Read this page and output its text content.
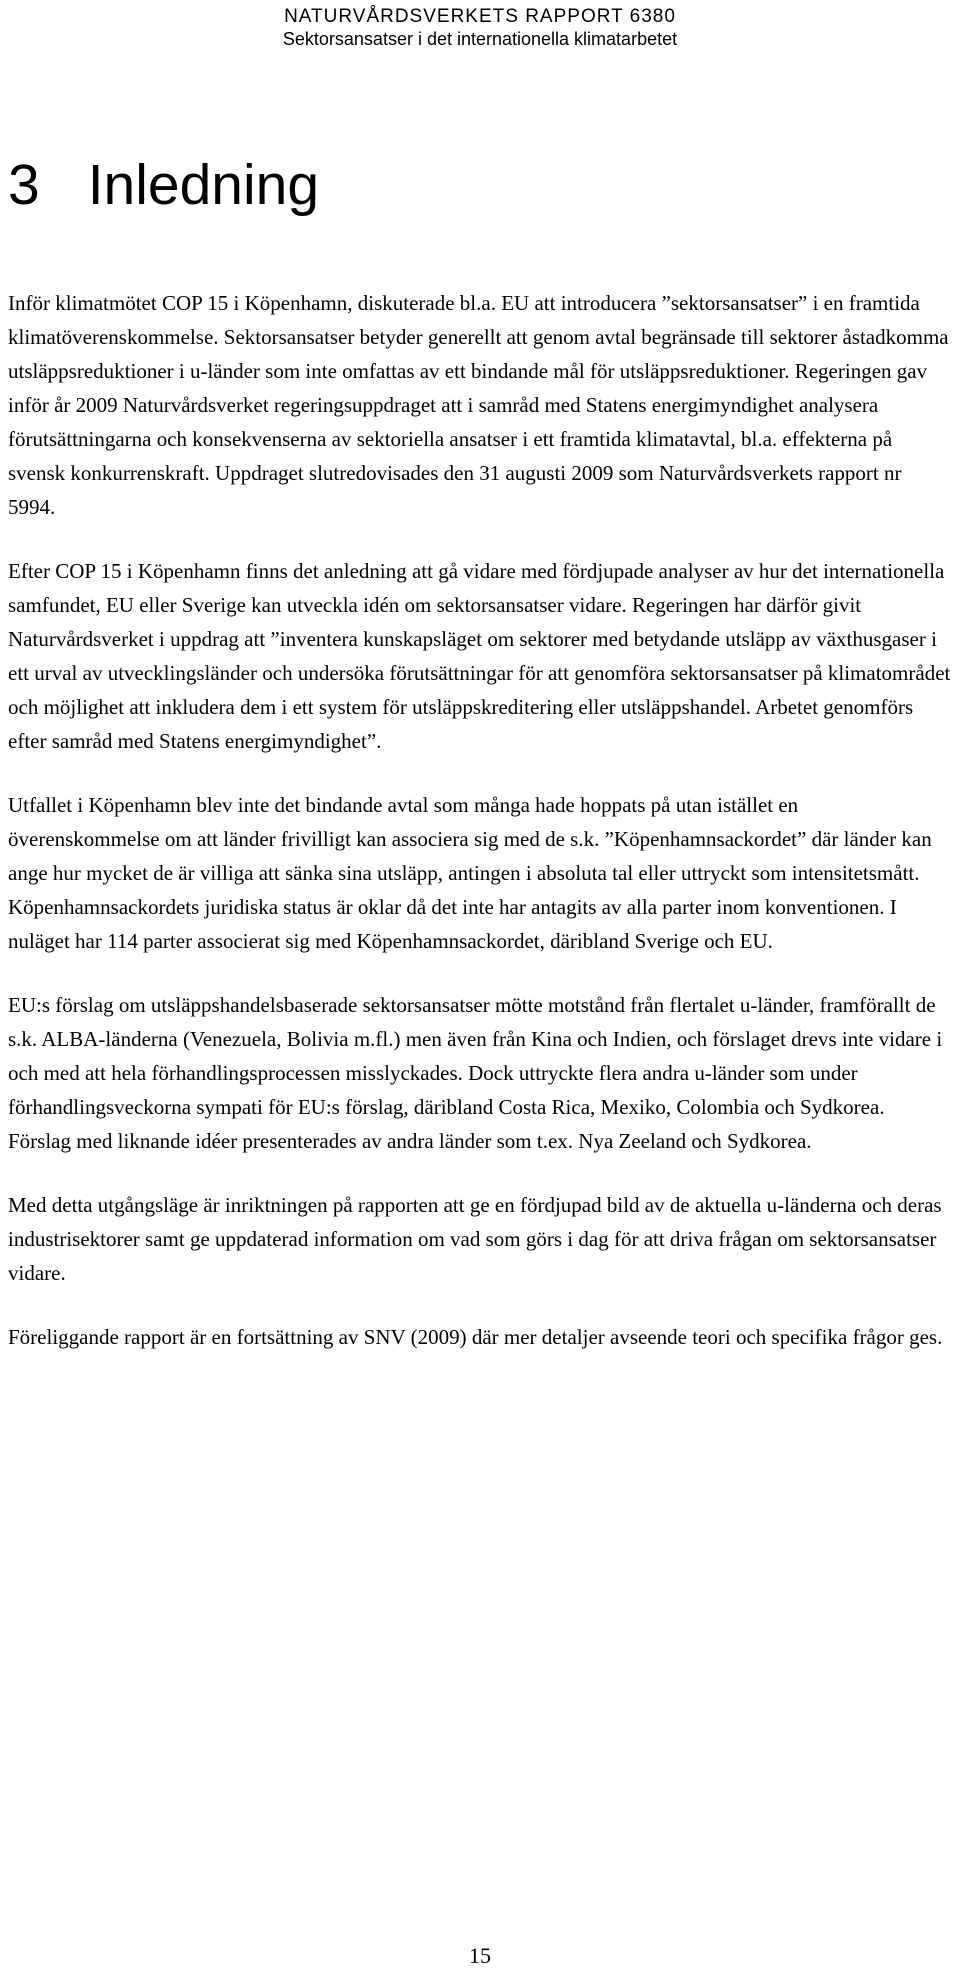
NATURVÅRDSVERKETS RAPPORT 6380
Sektorsansatser i det internationella klimatarbetet
3 Inledning

Inför klimatmötet COP 15 i Köpenhamn, diskuterade bl.a. EU att introducera ”sektorsansatser” i en framtida klimatöverenskommelse. Sektorsansatser betyder generellt att genom avtal begränsade till sektorer åstadkomma utsläppsreduktioner i u-länder som inte omfattas av ett bindande mål för utsläppsreduktioner. Regeringen gav inför år 2009 Naturvårdsverket regeringsuppdraget att i samråd med Statens energimyndighet analysera förutsättningarna och konsekvenserna av sektoriella ansatser i ett framtida klimatavtal, bl.a. effekterna på svensk konkurrenskraft. Uppdraget slutredovisades den 31 augusti 2009 som Naturvårdsverkets rapport nr 5994.

Efter COP 15 i Köpenhamn finns det anledning att gå vidare med fördjupade analyser av hur det internationella samfundet, EU eller Sverige kan utveckla idén om sektorsansatser vidare. Regeringen har därför givit Naturvårdsverket i uppdrag att ”inventera kunskapsläget om sektorer med betydande utsläpp av växthusgaser i ett urval av utvecklingsländer och undersöka förutsättningar för att genomföra sektorsansatser på klimatområdet och möjlighet att inkludera dem i ett system för utsläppskreditering eller utsläppshandel. Arbetet genomförs efter samråd med Statens energimyndighet”.

Utfallet i Köpenhamn blev inte det bindande avtal som många hade hoppats på utan istället en överenskommelse om att länder frivilligt kan associera sig med de s.k. ”Köpenhamnsackordet” där länder kan ange hur mycket de är villiga att sänka sina utsläpp, antingen i absoluta tal eller uttryckt som intensitetsmått. Köpenhamnsackordets juridiska status är oklar då det inte har antagits av alla parter inom konventionen. I nuläget har 114 parter associerat sig med Köpenhamnsackordet, däribland Sverige och EU.

EU:s förslag om utsläppshandelsbaserade sektorsansatser mötte motstånd från flertalet u-länder, framförallt de s.k. ALBA-länderna (Venezuela, Bolivia m.fl.) men även från Kina och Indien, och förslaget drevs inte vidare i och med att hela förhandlingsprocessen misslyckades. Dock uttryckte flera andra u-länder som under förhandlingsveckorna sympati för EU:s förslag, däribland Costa Rica, Mexiko, Colombia och Sydkorea. Förslag med liknande idéer presenterades av andra länder som t.ex. Nya Zeeland och Sydkorea.

Med detta utgångsläge är inriktningen på rapporten att ge en fördjupad bild av de aktuella u-länderna och deras industrisektorer samt ge uppdaterad information om vad som görs i dag för att driva frågan om sektorsansatser vidare.

Föreliggande rapport är en fortsättning av SNV (2009) där mer detaljer avseende teori och specifika frågor ges.

15
